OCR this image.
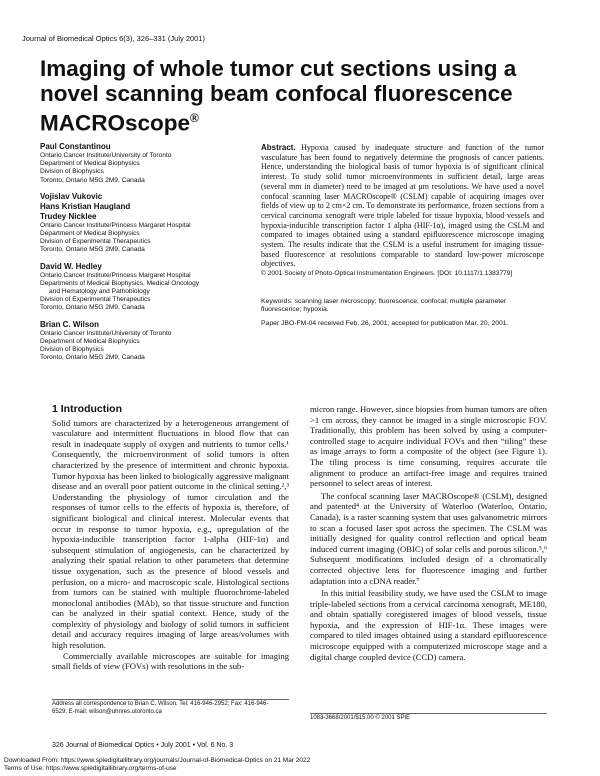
Journal of Biomedical Optics 6(3), 326–331 (July 2001)
Imaging of whole tumor cut sections using a novel scanning beam confocal fluorescence MACROscope®
Paul Constantinou
Ontario Cancer Institute/University of Toronto
Department of Medical Biophysics
Division of Biophysics
Toronto, Ontario M5G 2M9, Canada
Vojislav Vukovic
Hans Kristian Haugland
Trudey Nicklee
Ontario Cancer Institute/Princess Margaret Hospital
Department of Medical Biophysics
Division of Experimental Therapeutics
Toronto, Ontario M5G 2M9, Canada
David W. Hedley
Ontario Cancer Institute/Princess Margaret Hospital
Departments of Medical Biophysics, Medical Oncology
and Hematology and Pathobiology
Division of Experimental Therapeutics
Toronto, Ontario M5G 2M9, Canada
Brian C. Wilson
Ontario Cancer Institute/University of Toronto
Department of Medical Biophysics
Division of Biophysics
Toronto, Ontario M5G 2M9, Canada
Abstract. Hypoxia caused by inadequate structure and function of the tumor vasculature has been found to negatively determine the prognosis of cancer patients. Hence, understanding the biological basis of tumor hypoxia is of significant clinical interest. To study solid tumor microenvironments in sufficient detail, large areas (several mm in diameter) need to be imaged at μm resolutions. We have used a novel confocal scanning laser MACROscope® (CSLM) capable of acquiring images over fields of view up to 2 cm×2 cm. To demonstrate its performance, frozen sections from a cervical carcinoma xenograft were triple labeled for tissue hypoxia, blood vessels and hypoxia-inducible transcription factor 1 alpha (HIF-1α), imaged using the CSLM and compared to images obtained using a standard epifluorescence microscope imaging system. The results indicate that the CSLM is a useful instrument for imaging tissue-based fluorescence at resolutions comparable to standard low-power microscope objectives.
© 2001 Society of Photo-Optical Instrumentation Engineers. [DOI: 10.1117/1.1383779]
Keywords: scanning laser microscopy; fluorescence; confocal; multiple parameter fluorescence; hypoxia.
Paper JBO-FM-04 received Feb. 26, 2001; accepted for publication Mar. 20, 2001.
1 Introduction

Solid tumors are characterized by a heterogeneous arrangement of vasculature and intermittent fluctuations in blood flow that can result in inadequate supply of oxygen and nutrients to tumor cells.¹ Consequently, the microenvironment of solid tumors is often characterized by the presence of intermittent and chronic hypoxia. Tumor hypoxia has been linked to biologically aggressive malignant disease and an overall poor patient outcome in the clinical setting.²,³ Understanding the physiology of tumor circulation and the responses of tumor cells to the effects of hypoxia is, therefore, of significant biological and clinical interest. Molecular events that occur in response to tumor hypoxia, e.g., upregulation of the hypoxia-inducible transcription factor 1-alpha (HIF-1α) and subsequent stimulation of angiogenesis, can be characterized by analyzing their spatial relation to other parameters that determine tissue oxygenation, such as the presence of blood vessels and perfusion, on a micro- and macroscopic scale. Histological sections from tumors can be stained with multiple fluorochrome-labeled monoclonal antibodies (MAb), so that tissue structure and function can be analyzed in their spatial context. Hence, study of the complexity of physiology and biology of solid tumors in sufficient detail and accuracy requires imaging of large areas/volumes with high resolution.

Commercially available microscopes are suitable for imaging small fields of view (FOVs) with resolutions in the sub-

micron range. However, since biopsies from human tumors are often >1 cm across, they cannot be imaged in a single microscopic FOV. Traditionally, this problem has been solved by using a computer-controlled stage to acquire individual FOVs and then “tiling” these as image arrays to form a composite of the object (see Figure 1). The tiling process is time consuming, requires accurate tile alignment to produce an artifact-free image and requires trained personnel to select areas of interest.

The confocal scanning laser MACROscope® (CSLM), designed and patented⁴ at the University of Waterloo (Waterloo, Ontario, Canada), is a raster scanning system that uses galvanometric mirrors to scan a focused laser spot across the specimen. The CSLM was initially designed for quality control reflection and optical beam induced current imaging (OBIC) of solar cells and porous silicon.⁵,⁶ Subsequent modifications included design of a chromatically corrected objective lens for fluorescence imaging and further adaptation into a cDNA reader.⁷

In this initial feasibility study, we have used the CSLM to image triple-labeled sections from a cervical carcinoma xenograft, ME180, and obtain spatially coregistered images of blood vessels, tissue hypoxia, and the expression of HIF-1α. These images were compared to tiled images obtained using a standard epifluorescence microscope equipped with a computerized microscope stage and a digital charge coupled device (CCD) camera.

Address all correspondence to Brian C. Wilson. Tel: 416-946-2952; Fax: 416-946-6529; E-mail: wilson@uhnres.utoronto.ca
1083-3668/2001/$15.00 © 2001 SPIE
326 Journal of Biomedical Optics • July 2001 • Vol. 6 No. 3
Downloaded From: https://www.spiedigitallibrary.org/journals/Journal-of-Biomedical-Optics on 21 Mar 2022
Terms of Use: https://www.spiedigitallibrary.org/terms-of-use
